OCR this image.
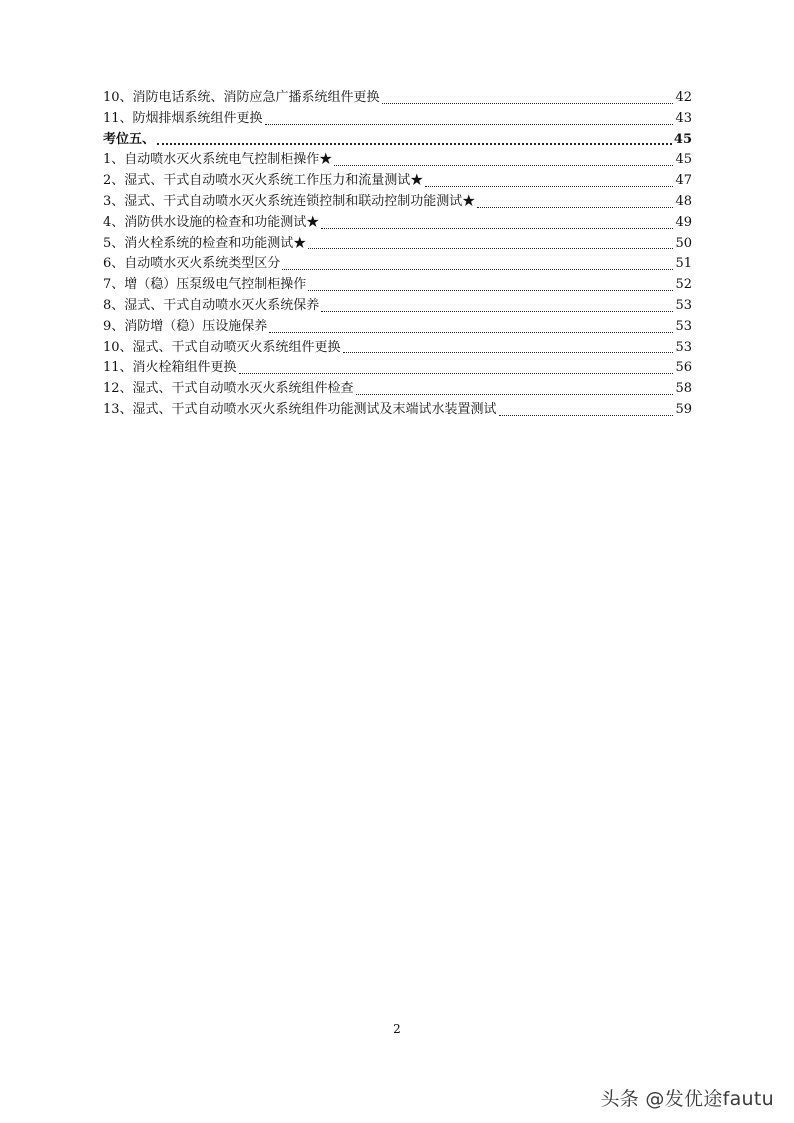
10、消防电话系统、消防应急广播系统组件更换	42
11、防烟排烟系统组件更换	43
考位五、	45
1、自动喷水灭火系统电气控制柜操作★	45
2、湿式、干式自动喷水灭火系统工作压力和流量测试★	47
3、湿式、干式自动喷水灭火系统连锁控制和联动控制功能测试★	48
4、消防供水设施的检查和功能测试★	49
5、消火栓系统的检查和功能测试★	50
6、自动喷水灭火系统类型区分	51
7、增（稳）压泵级电气控制柜操作	52
8、湿式、干式自动喷水灭火系统保养	53
9、消防增（稳）压设施保养	53
10、湿式、干式自动喷灭火系统组件更换	53
11、消火栓箱组件更换	56
12、湿式、干式自动喷水灭火系统组件检查	58
13、湿式、干式自动喷水灭火系统组件功能测试及末端试水装置测试	59
2
头条 @发优途fautu
